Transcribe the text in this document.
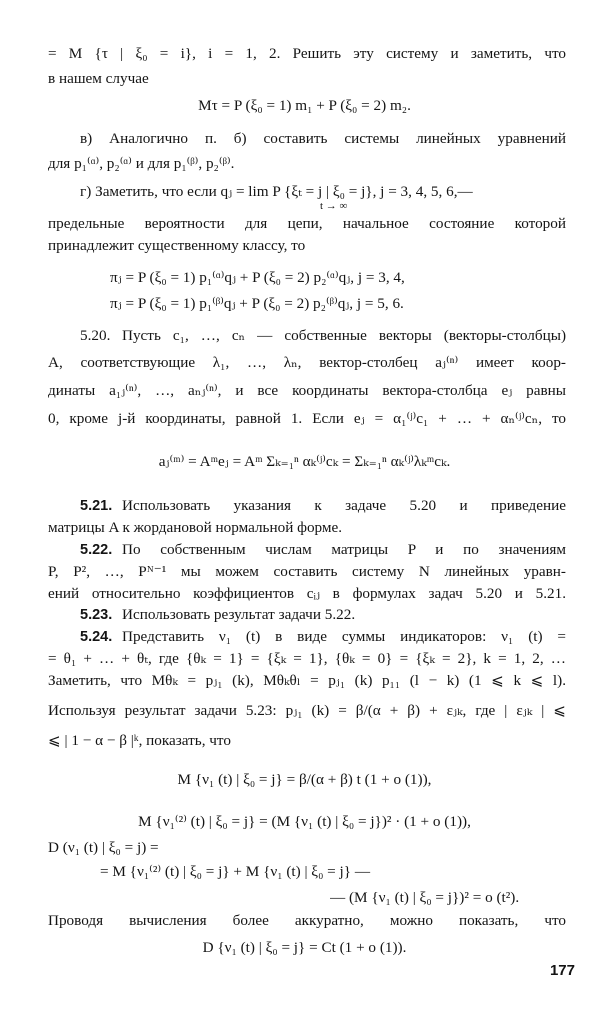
= M {τ | ξ₀ = i}, i = 1, 2. Решить эту систему и заметить, что
в нашем случае
Mτ = P (ξ₀ = 1) m₁ + P (ξ₀ = 2) m₂.
в) Аналогично п. б) составить системы линейных уравнений
для p₁⁽ᵅ⁾, p₂⁽ᵅ⁾ и для p₁⁽ᵝ⁾, p₂⁽ᵝ⁾.
г) Заметить, что если qⱼ = lim P {ξₜ = j | ξ₀ = j}, j = 3, 4, 5, 6,—
t → ∞
предельные вероятности для цепи, начальное состояние которой
принадлежит существенному классу, то
πⱼ = P (ξ₀ = 1) p₁⁽ᵅ⁾qⱼ + P (ξ₀ = 2) p₂⁽ᵅ⁾qⱼ, j = 3, 4,
πⱼ = P (ξ₀ = 1) p₁⁽ᵝ⁾qⱼ + P (ξ₀ = 2) p₂⁽ᵝ⁾qⱼ, j = 5, 6.
5.20. Пусть c₁, …, cₙ — собственные векторы (векторы-столбцы)
A, соответствующие λ₁, …, λₙ, вектор-столбец aⱼ⁽ⁿ⁾ имеет коор-
динаты a₁ⱼ⁽ⁿ⁾, …, aₙⱼ⁽ⁿ⁾, и все координаты вектора-столбца eⱼ равны
0, кроме j-й координаты, равной 1. Если eⱼ = α₁⁽ʲ⁾c₁ + … + αₙ⁽ʲ⁾cₙ, то
aⱼ⁽ᵐ⁾ = Aᵐeⱼ = Aᵐ Σₖ₌₁ⁿ αₖ⁽ʲ⁾cₖ = Σₖ₌₁ⁿ αₖ⁽ʲ⁾λₖᵐcₖ.
5.21. Использовать указания к задаче 5.20 и приведение
матрицы A к жордановой нормальной форме.
5.22. По собственным числам матрицы P и по значениям
P, P², …, Pᴺ⁻¹ мы можем составить систему N линейных уравн-
ений относительно коэффициентов cᵢⱼ в формулах задач 5.20 и 5.21.
5.23. Использовать результат задачи 5.22.
5.24. Представить ν₁ (t) в виде суммы индикаторов: ν₁ (t) =
= θ₁ + … + θₜ, где {θₖ = 1} = {ξₖ = 1}, {θₖ = 0} = {ξₖ = 2}, k = 1, 2, …
Заметить, что Mθₖ = pⱼ₁ (k), Mθₖθₗ = pⱼ₁ (k) p₁₁ (l − k) (1 ⩽ k ⩽ l).
Используя результат задачи 5.23: pⱼ₁ (k) = β/(α + β) + εⱼₖ, где | εⱼₖ | ⩽
⩽ | 1 − α − β |ᵏ, показать, что
M {ν₁ (t) | ξ₀ = j} = β/(α + β) t (1 + o (1)),
M {ν₁⁽²⁾ (t) | ξ₀ = j} = (M {ν₁ (t) | ξ₀ = j})² · (1 + o (1)),
D (ν₁ (t) | ξ₀ = j) =
= M {ν₁⁽²⁾ (t) | ξ₀ = j} + M {ν₁ (t) | ξ₀ = j} —
— (M {ν₁ (t) | ξ₀ = j})² = o (t²).
Проводя вычисления более аккуратно, можно показать, что
D {ν₁ (t) | ξ₀ = j} = Ct (1 + o (1)).
177
